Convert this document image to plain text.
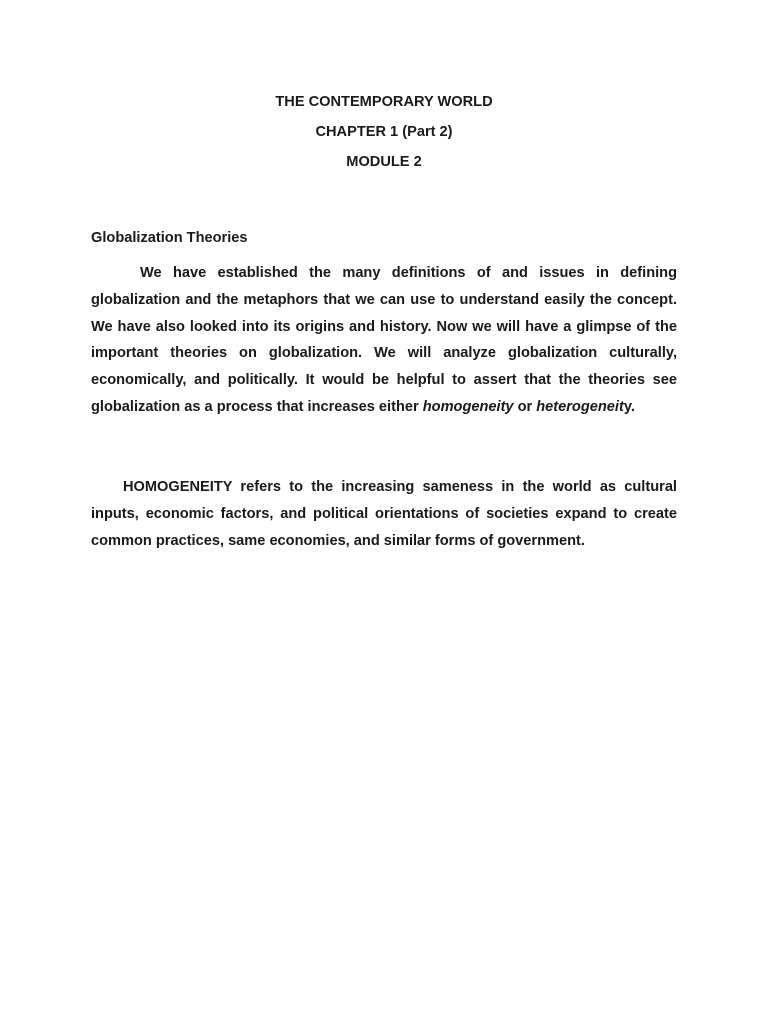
THE CONTEMPORARY WORLD
CHAPTER 1 (Part 2)
MODULE 2
Globalization Theories

We have established the many definitions of and issues in defining globalization and the metaphors that we can use to understand easily the concept. We have also looked into its origins and history. Now we will have a glimpse of the important theories on globalization. We will analyze globalization culturally, economically, and politically. It would be helpful to assert that the theories see globalization as a process that increases either homogeneity or heterogeneity.

HOMOGENEITY refers to the increasing sameness in the world as cultural inputs, economic factors, and political orientations of societies expand to create common practices, same economies, and similar forms of government.
